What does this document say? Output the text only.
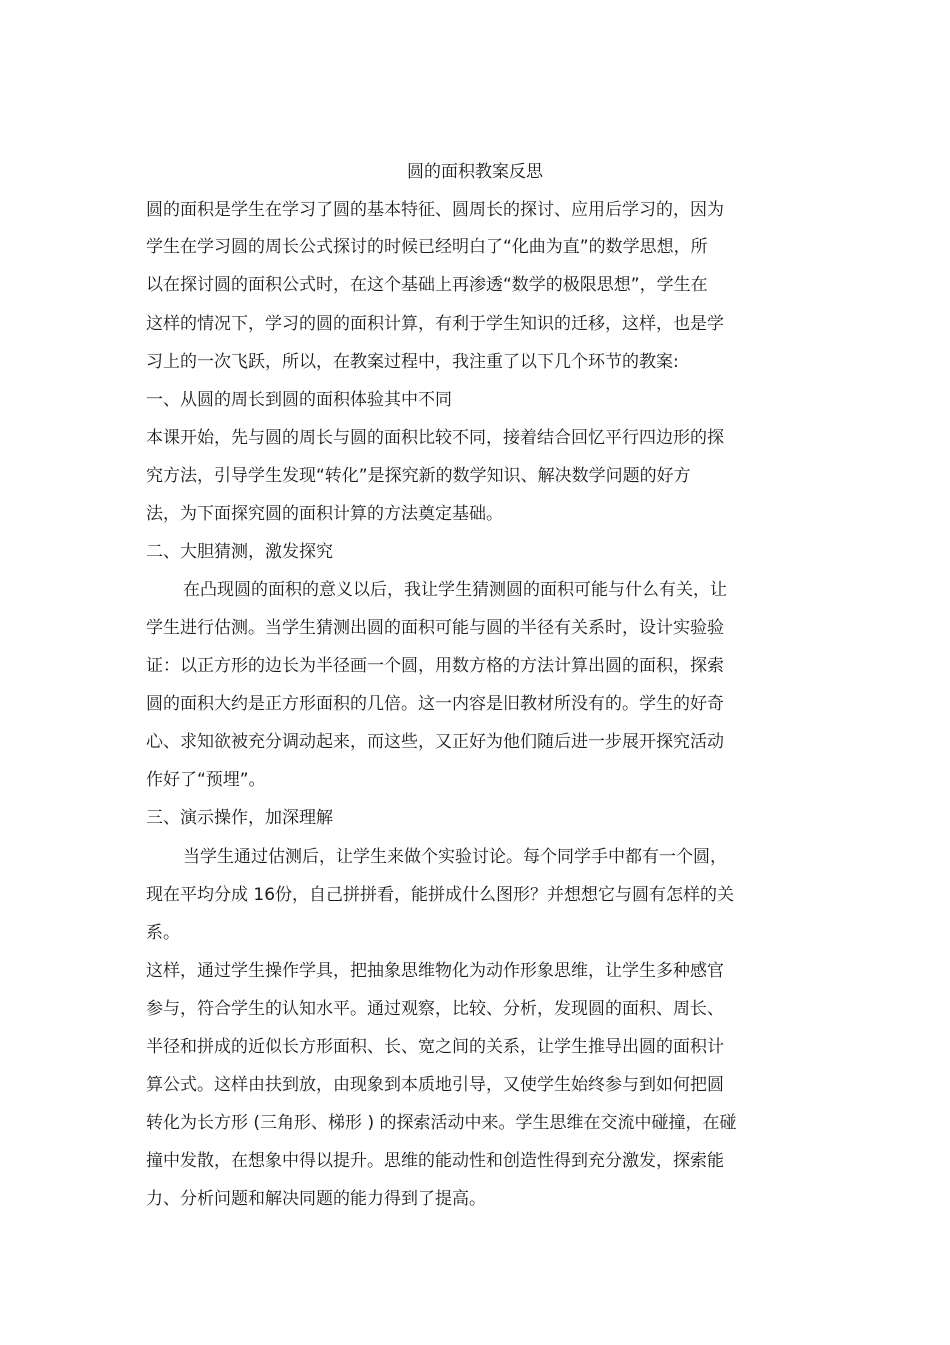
圆的面积教案反思
圆的面积是学生在学习了圆的基本特征、圆周长的探讨、应用后学习的，因为
学生在学习圆的周长公式探讨的时候已经明白了“化曲为直”的数学思想，所
以在探讨圆的面积公式时，在这个基础上再渗透“数学的极限思想”，学生在
这样的情况下，学习的圆的面积计算，有利于学生知识的迁移，这样，也是学
习上的一次飞跃，所以，在教案过程中，我注重了以下几个环节的教案:
一、从圆的周长到圆的面积体验其中不同
本课开始，先与圆的周长与圆的面积比较不同，接着结合回忆平行四边形的探
究方法，引导学生发现“转化”是探究新的数学知识、解决数学问题的好方
法，为下面探究圆的面积计算的方法奠定基础。
二、大胆猜测，激发探究
在凸现圆的面积的意义以后，我让学生猜测圆的面积可能与什么有关，让
学生进行估测。当学生猜测出圆的面积可能与圆的半径有关系时，设计实验验
证：以正方形的边长为半径画一个圆，用数方格的方法计算出圆的面积，探索
圆的面积大约是正方形面积的几倍。这一内容是旧教材所没有的。学生的好奇
心、求知欲被充分调动起来，而这些，又正好为他们随后进一步展开探究活动
作好了“预埋”。
三、演示操作，加深理解
当学生通过估测后，让学生来做个实验讨论。每个同学手中都有一个圆，
现在平均分成 16份，自己拼拼看，能拼成什么图形？并想想它与圆有怎样的关
系。
这样，通过学生操作学具，把抽象思维物化为动作形象思维，让学生多种感官
参与，符合学生的认知水平。通过观察，比较、分析，发现圆的面积、周长、
半径和拼成的近似长方形面积、长、宽之间的关系，让学生推导出圆的面积计
算公式。这样由扶到放，由现象到本质地引导，又使学生始终参与到如何把圆
转化为长方形 (三角形、梯形 ) 的探索活动中来。学生思维在交流中碰撞，在碰
撞中发散，在想象中得以提升。思维的能动性和创造性得到充分激发，探索能
力、分析问题和解决同题的能力得到了提高。
